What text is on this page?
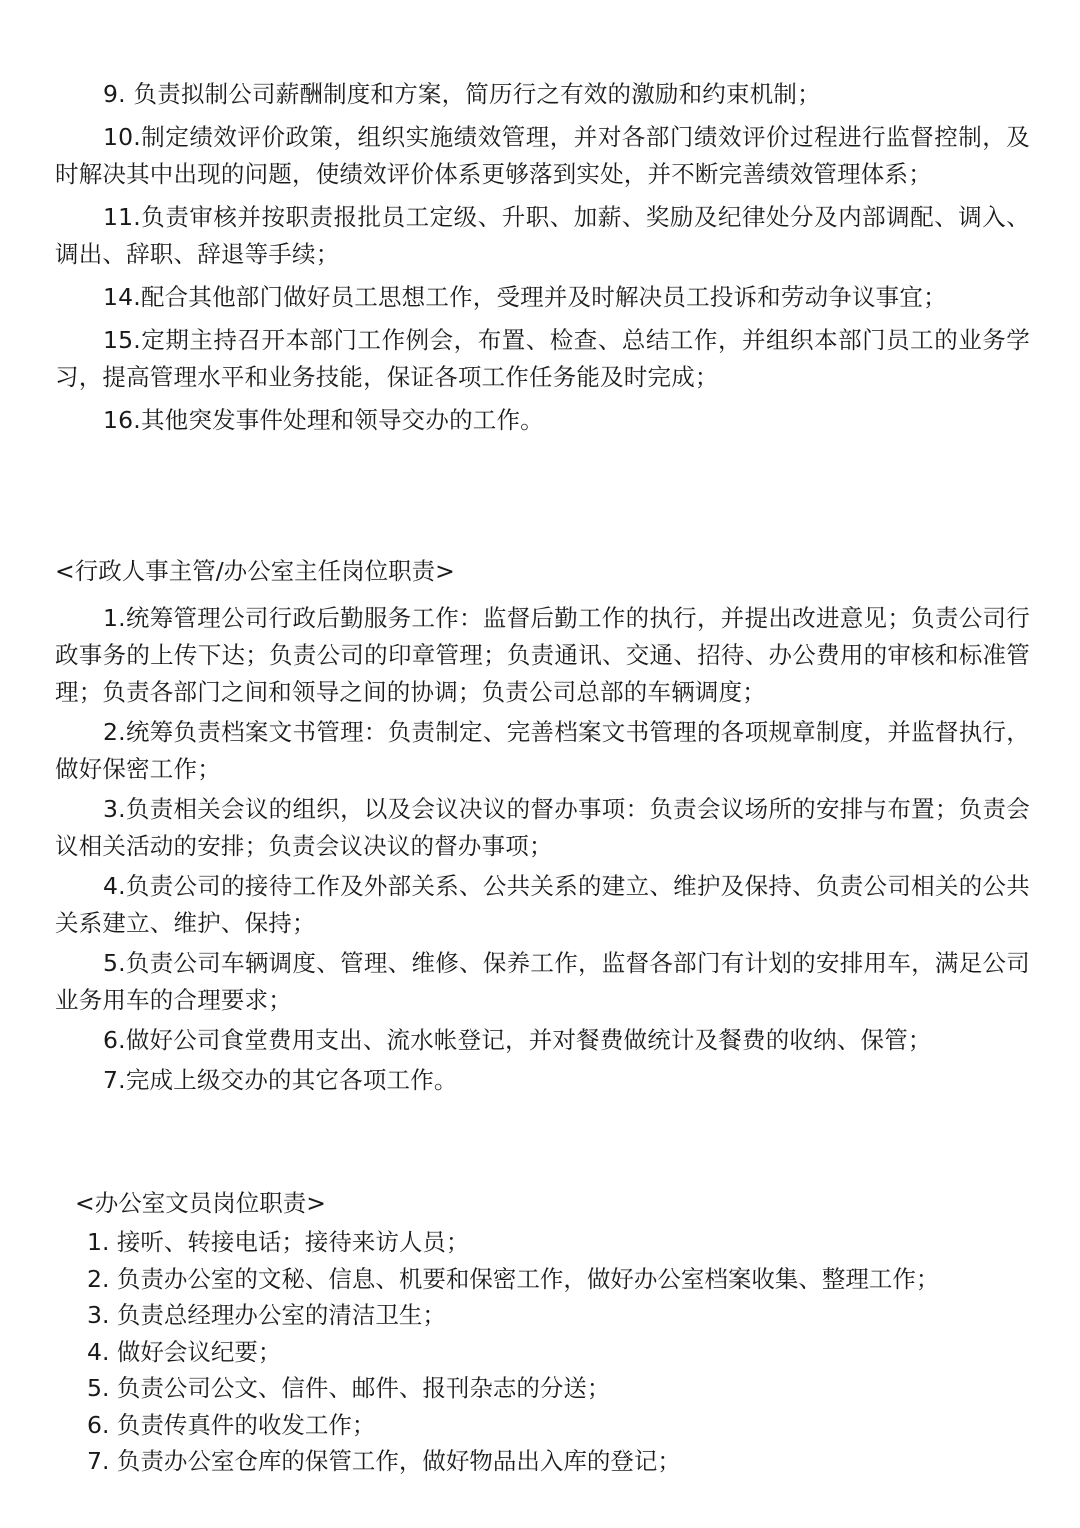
9. 负责拟制公司薪酬制度和方案，简历行之有效的激励和约束机制；

10.制定绩效评价政策，组织实施绩效管理，并对各部门绩效评价过程进行监督控制，及时解决其中出现的问题，使绩效评价体系更够落到实处，并不断完善绩效管理体系；

11.负责审核并按职责报批员工定级、升职、加薪、奖励及纪律处分及内部调配、调入、调出、辞职、辞退等手续；

14.配合其他部门做好员工思想工作，受理并及时解决员工投诉和劳动争议事宜；

15.定期主持召开本部门工作例会，布置、检查、总结工作，并组织本部门员工的业务学习，提高管理水平和业务技能，保证各项工作任务能及时完成；

16.其他突发事件处理和领导交办的工作。

<行政人事主管/办公室主任岗位职责>

1.统筹管理公司行政后勤服务工作：监督后勤工作的执行，并提出改进意见；负责公司行政事务的上传下达；负责公司的印章管理；负责通讯、交通、招待、办公费用的审核和标准管理；负责各部门之间和领导之间的协调；负责公司总部的车辆调度；

2.统筹负责档案文书管理：负责制定、完善档案文书管理的各项规章制度，并监督执行，做好保密工作；

3.负责相关会议的组织，以及会议决议的督办事项：负责会议场所的安排与布置；负责会议相关活动的安排；负责会议决议的督办事项；

4.负责公司的接待工作及外部关系、公共关系的建立、维护及保持、负责公司相关的公共关系建立、维护、保持；

5.负责公司车辆调度、管理、维修、保养工作，监督各部门有计划的安排用车，满足公司业务用车的合理要求；

6.做好公司食堂费用支出、流水帐登记，并对餐费做统计及餐费的收纳、保管；

7.完成上级交办的其它各项工作。

<办公室文员岗位职责>

1. 接听、转接电话；接待来访人员；

2. 负责办公室的文秘、信息、机要和保密工作，做好办公室档案收集、整理工作；

3. 负责总经理办公室的清洁卫生；

4. 做好会议纪要；

5. 负责公司公文、信件、邮件、报刊杂志的分送；

6. 负责传真件的收发工作；

7. 负责办公室仓库的保管工作，做好物品出入库的登记；
